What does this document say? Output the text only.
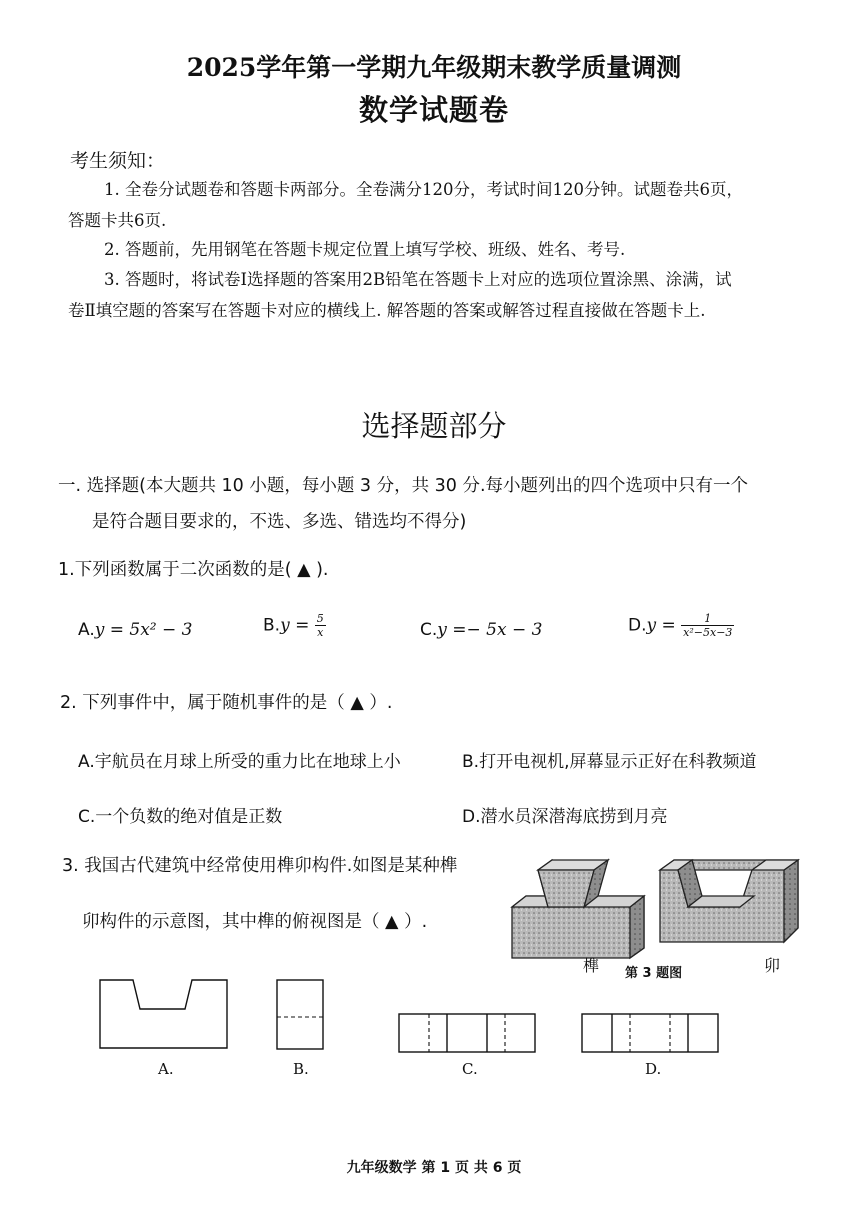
2025学年第一学期九年级期末教学质量调测
数学试题卷
考生须知：
1. 全卷分试题卷和答题卡两部分。全卷满分120分，考试时间120分钟。试题卷共6页，
答题卡共6页.
2. 答题前，先用钢笔在答题卡规定位置上填写学校、班级、姓名、考号.
3. 答题时，将试卷Ⅰ选择题的答案用2B铅笔在答题卡上对应的选项位置涂黑、涂满，试
卷Ⅱ填空题的答案写在答题卡对应的横线上. 解答题的答案或解答过程直接做在答题卡上.
选择题部分
一. 选择题(本大题共 10 小题，每小题 3 分，共 30 分.每小题列出的四个选项中只有一个
是符合题目要求的，不选、多选、错选均不得分)
1.下列函数属于二次函数的是( ▲ ).
A.y = 5x² − 3	$B.y = \frac{5}{x}$	C.y =− 5x − 3	$D.y = \frac{1}{\text{x²−5x−3}}$
2. 下列事件中，属于随机事件的是（ ▲ ）.
A.宇航员在月球上所受的重力比在地球上小	B.打开电视机,屏幕显示正好在科教频道
C.一个负数的绝对值是正数	D.潜水员深潜海底捞到月亮
3. 我国古代建筑中经常使用榫卯构件.如图是某种榫
卯构件的示意图，其中榫的俯视图是（ ▲ ）.
榫 第 3 题图	卯
A.	B.	C.	D.
九年级数学 第 1 页 共 6 页
